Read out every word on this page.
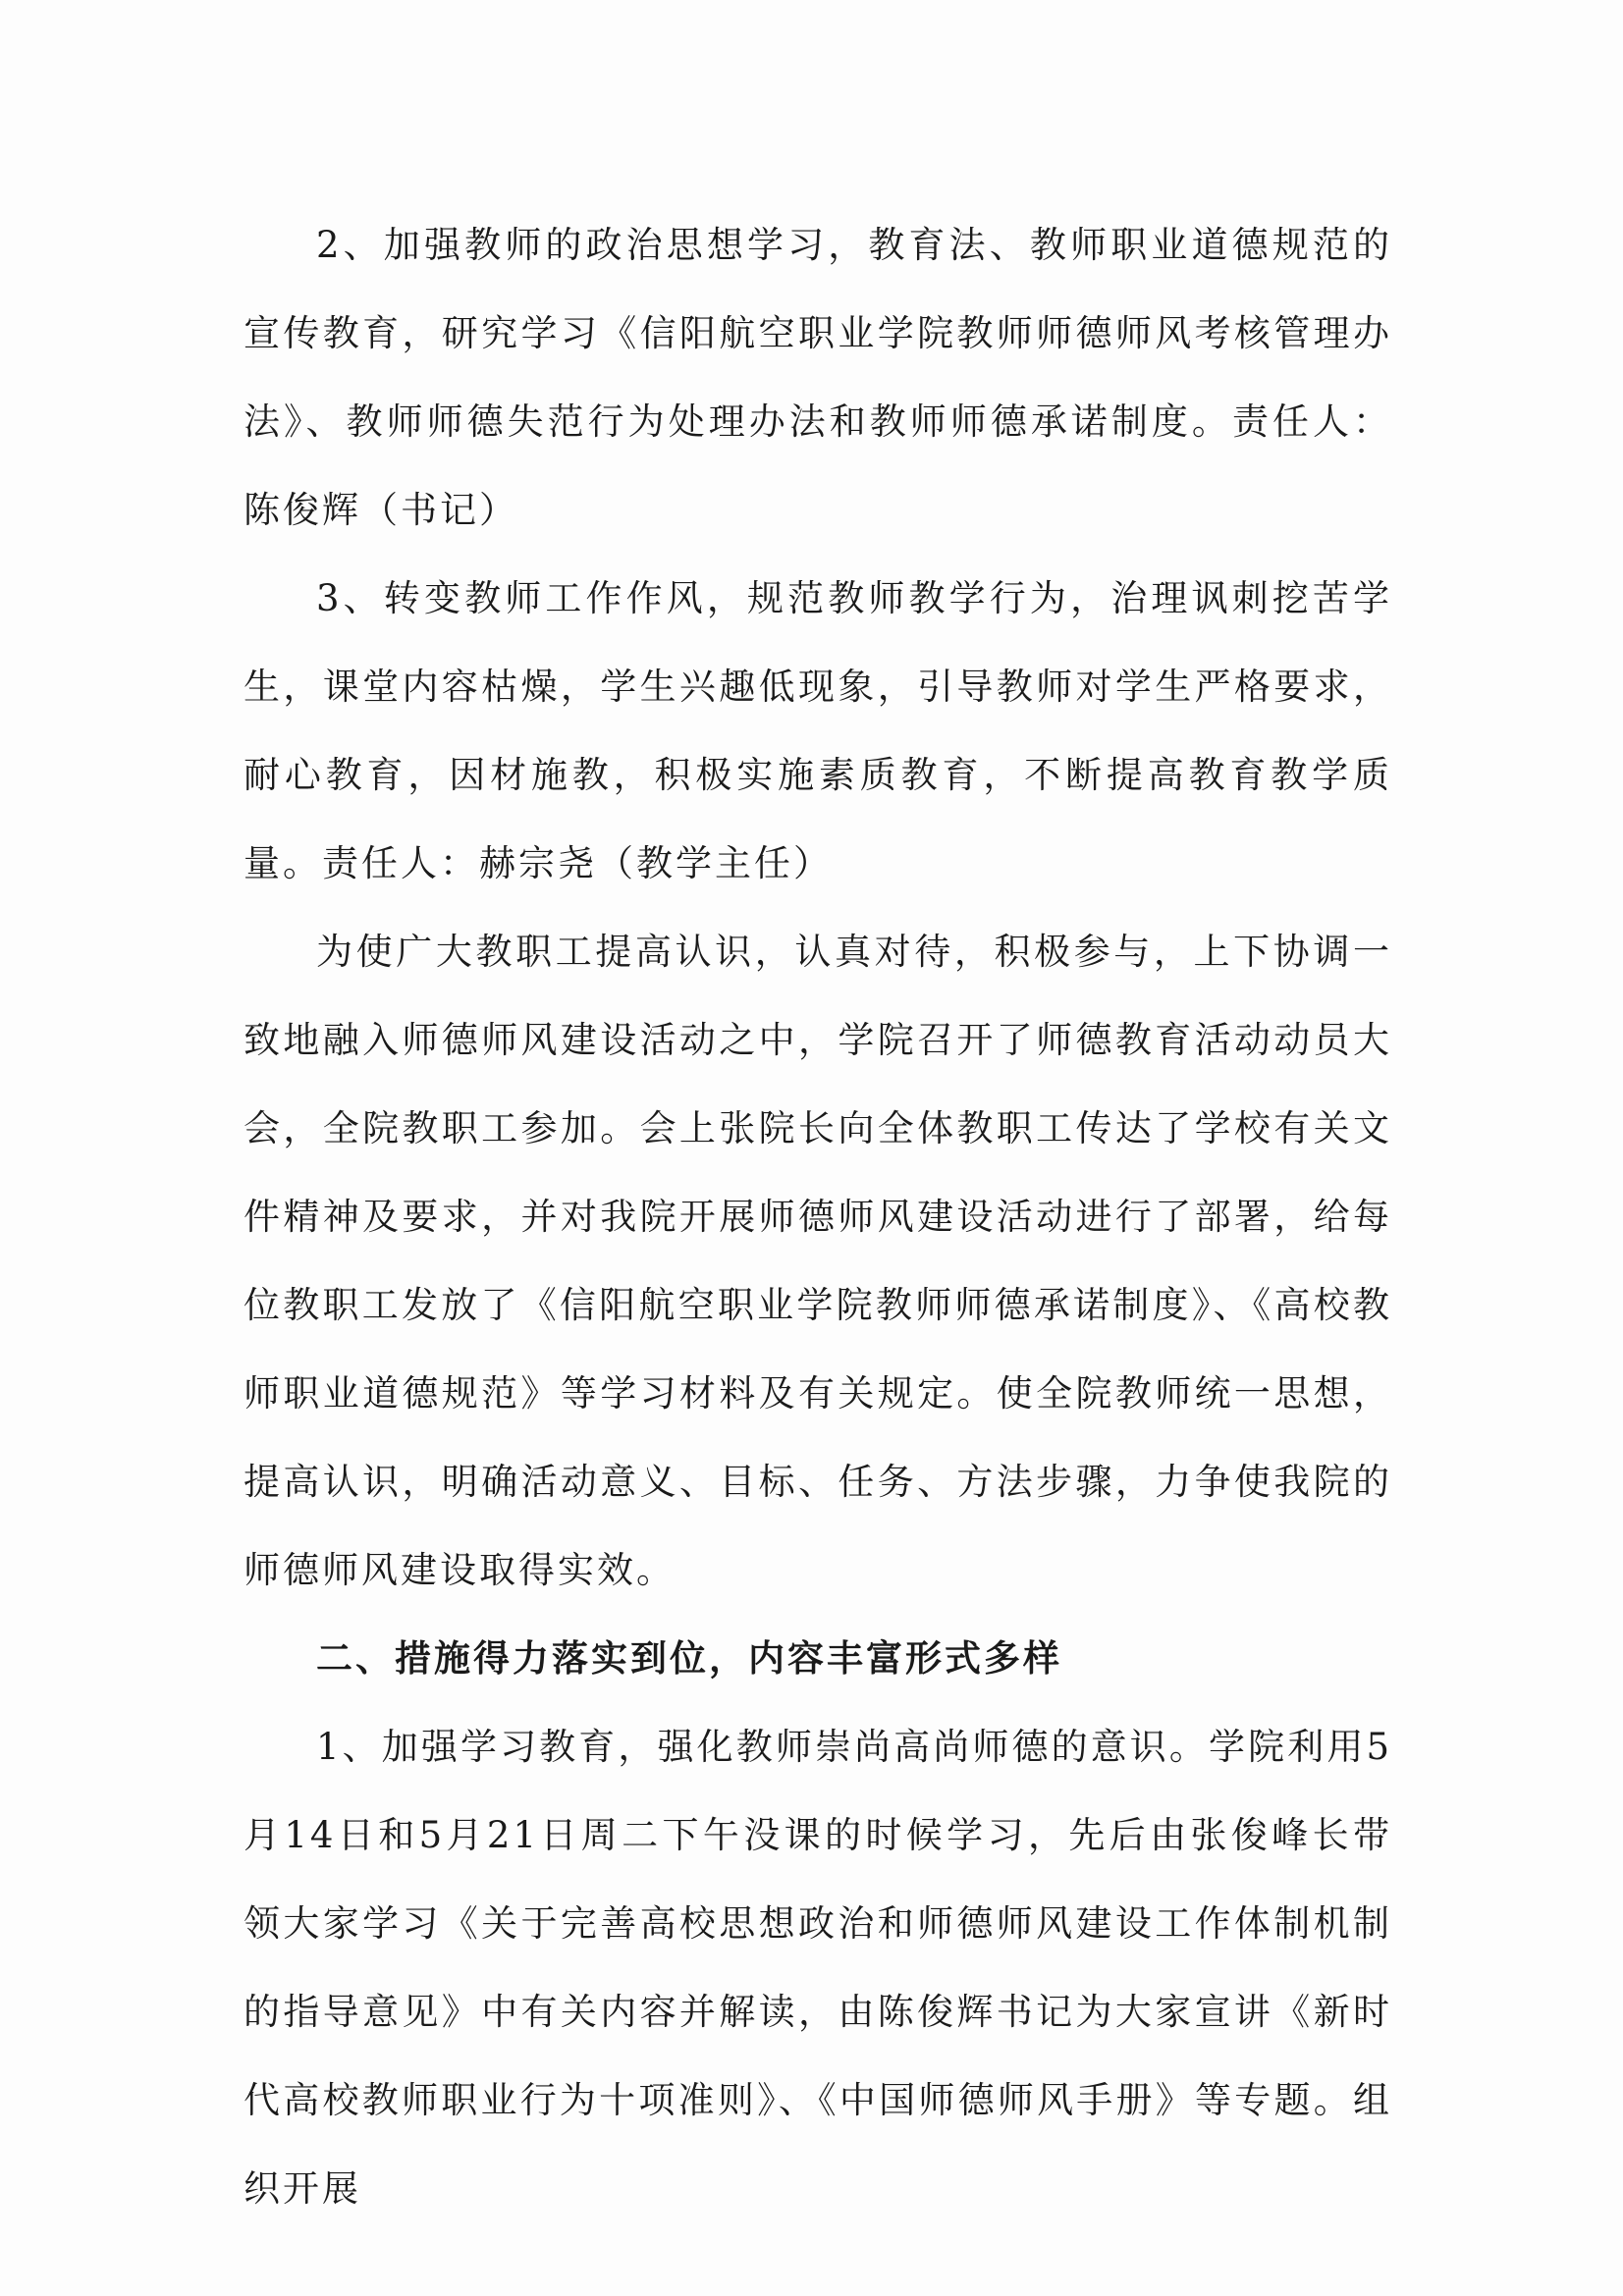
2、加强教师的政治思想学习，教育法、教师职业道德规范的宣传教育，研究学习《信阳航空职业学院教师师德师风考核管理办法》、教师师德失范行为处理办法和教师师德承诺制度。责任人：陈俊辉（书记）

3、转变教师工作作风，规范教师教学行为，治理讽刺挖苦学生，课堂内容枯燥，学生兴趣低现象，引导教师对学生严格要求，耐心教育，因材施教，积极实施素质教育，不断提高教育教学质量。责任人：赫宗尧（教学主任）

为使广大教职工提高认识，认真对待，积极参与，上下协调一致地融入师德师风建设活动之中，学院召开了师德教育活动动员大会，全院教职工参加。会上张院长向全体教职工传达了学校有关文件精神及要求，并对我院开展师德师风建设活动进行了部署，给每位教职工发放了《信阳航空职业学院教师师德承诺制度》、《高校教师职业道德规范》等学习材料及有关规定。使全院教师统一思想，提高认识，明确活动意义、目标、任务、方法步骤，力争使我院的师德师风建设取得实效。

二、措施得力落实到位，内容丰富形式多样

1、加强学习教育，强化教师崇尚高尚师德的意识。学院利用5月14日和5月21日周二下午没课的时候学习，先后由张俊峰长带领大家学习《关于完善高校思想政治和师德师风建设工作体制机制的指导意见》中有关内容并解读，由陈俊辉书记为大家宣讲《新时代高校教师职业行为十项准则》、《中国师德师风手册》等专题。组织开展
